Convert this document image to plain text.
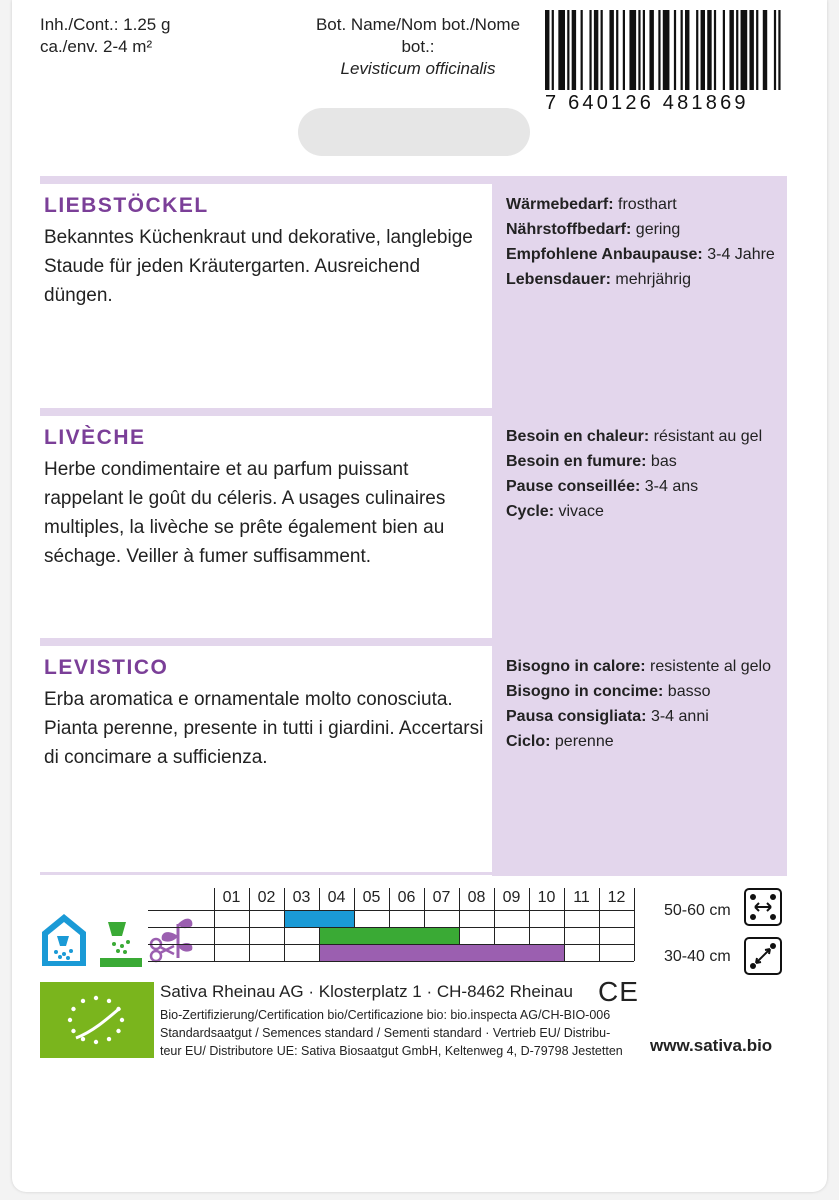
Inh./Cont.: 1.25 g
ca./env. 2-4 m²
Bot. Name/Nom bot./Nome bot.:
Levisticum officinalis
7 640126 481869
LIEBSTÖCKEL
Bekanntes Küchenkraut und dekorative, langlebige Staude für jeden Kräutergarten. Ausreichend düngen.
Wärmebedarf: frosthart
Nährstoffbedarf: gering
Empfohlene Anbaupause: 3-4 Jahre
Lebensdauer: mehrjährig
LIVÈCHE
Herbe condimentaire et au parfum puissant rappelant le goût du céleris. A usages culinaires multiples, la livèche se prête également bien au séchage. Veiller à fumer suffisamment.
Besoin en chaleur: résistant au gel
Besoin en fumure: bas
Pause conseillée: 3-4 ans
Cycle: vivace
LEVISTICO
Erba aromatica e ornamentale molto conosciuta. Pianta perenne, presente in tutti i giardini. Accertarsi di concimare a sufficienza.
Bisogno in calore: resistente al gelo
Bisogno in concime: basso
Pausa consigliata: 3-4 anni
Ciclo: perenne
01	02	03	04	05	06	07	08	09	10	11	12
50-60 cm
30-40 cm
Sativa Rheinau AG · Klosterplatz 1 · CH-8462 Rheinau CE
Bio-Zertifizierung/Certification bio/Certificazione bio: bio.inspecta AG/CH-BIO-006
Standardsaatgut / Semences standard / Sementi standard · Vertrieb EU/ Distribu-
teur EU/ Distributore UE: Sativa Biosaatgut GmbH, Keltenweg 4, D-79798 Jestetten www.sativa.bio
